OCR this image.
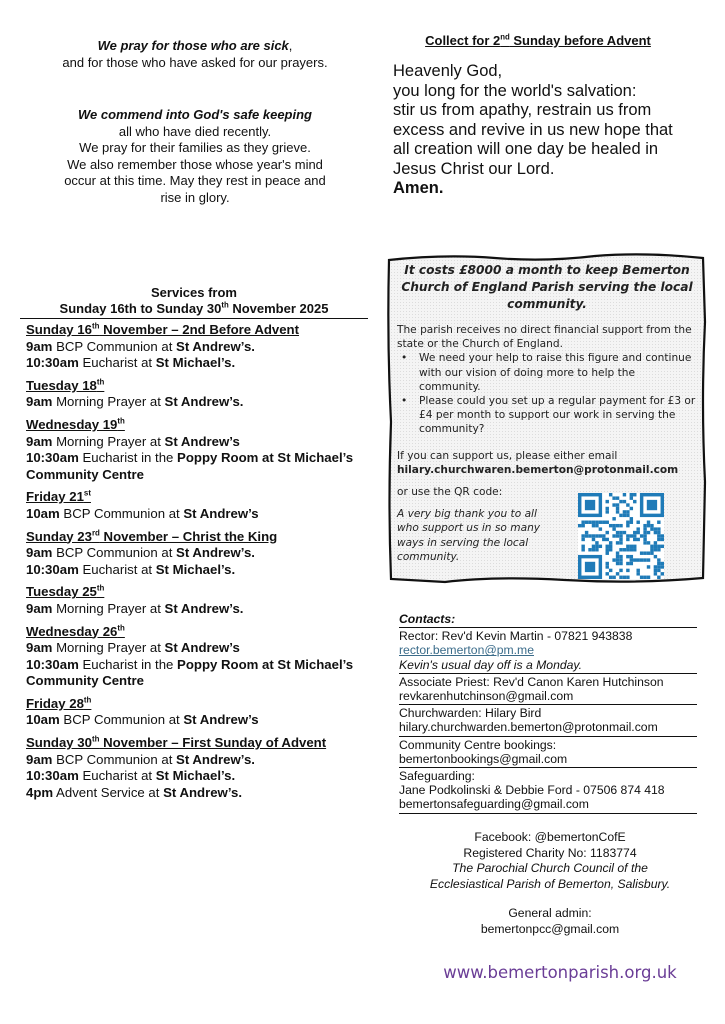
We pray for those who are sick,

and for those who have asked for our prayers.

We commend into God's safe keeping

all who have died recently.

We pray for their families as they grieve.

We also remember those whose year's mind

occur at this time. May they rest in peace and

rise in glory.

Collect for 2nd Sunday before Advent

Heavenly God,

you long for the world's salvation:

stir us from apathy, restrain us from

excess and revive in us new hope that

all creation will one day be healed in

Jesus Christ our Lord.

Amen.

Services from
Sunday 16th to Sunday 30th November 2025
Sunday 16th November – 2nd Before Advent
9am BCP Communion at St Andrew’s.
10:30am Eucharist at St Michael’s.
Tuesday 18th
9am Morning Prayer at St Andrew’s.
Wednesday 19th
9am Morning Prayer at St Andrew’s
10:30am Eucharist in the Poppy Room at St Michael’s Community Centre
Friday 21st
10am BCP Communion at St Andrew’s
Sunday 23rd November – Christ the King
9am BCP Communion at St Andrew’s.
10:30am Eucharist at St Michael’s.
Tuesday 25th
9am Morning Prayer at St Andrew’s.
Wednesday 26th
9am Morning Prayer at St Andrew’s
10:30am Eucharist in the Poppy Room at St Michael’s Community Centre
Friday 28th
10am BCP Communion at St Andrew’s
Sunday 30th November – First Sunday of Advent
9am BCP Communion at St Andrew’s.
10:30am Eucharist at St Michael’s.
4pm Advent Service at St Andrew’s.
It costs £8000 a month to keep Bemerton Church of England Parish serving the local community.

The parish receives no direct financial support from the state or the Church of England.

• We need your help to raise this figure and continue with our vision of doing more to help the community.
• Please could you set up a regular payment for £3 or £4 per month to support our work in serving the community?

If you can support us, please either email

hilary.churchwaren.bemerton@protonmail.com

or use the QR code:

A very big thank you to all who support us in so many ways in serving the local community.

Contacts:

Rector: Rev'd Kevin Martin - 07821 943838

rector.bemerton@pm.me

Kevin's usual day off is a Monday.

Associate Priest: Rev'd Canon Karen Hutchinson

revkarenhutchinson@gmail.com

Churchwarden: Hilary Bird

hilary.churchwarden.bemerton@protonmail.com

Community Centre bookings:

bemertonbookings@gmail.com

Safeguarding:

Jane Podkolinski & Debbie Ford - 07506 874 418

bemertonsafeguarding@gmail.com

Facebook: @bemertonCofE

Registered Charity No: 1183774

The Parochial Church Council of the

Ecclesiastical Parish of Bemerton, Salisbury.

General admin:

bemertonpcc@gmail.com

www.bemertonparish.org.uk
